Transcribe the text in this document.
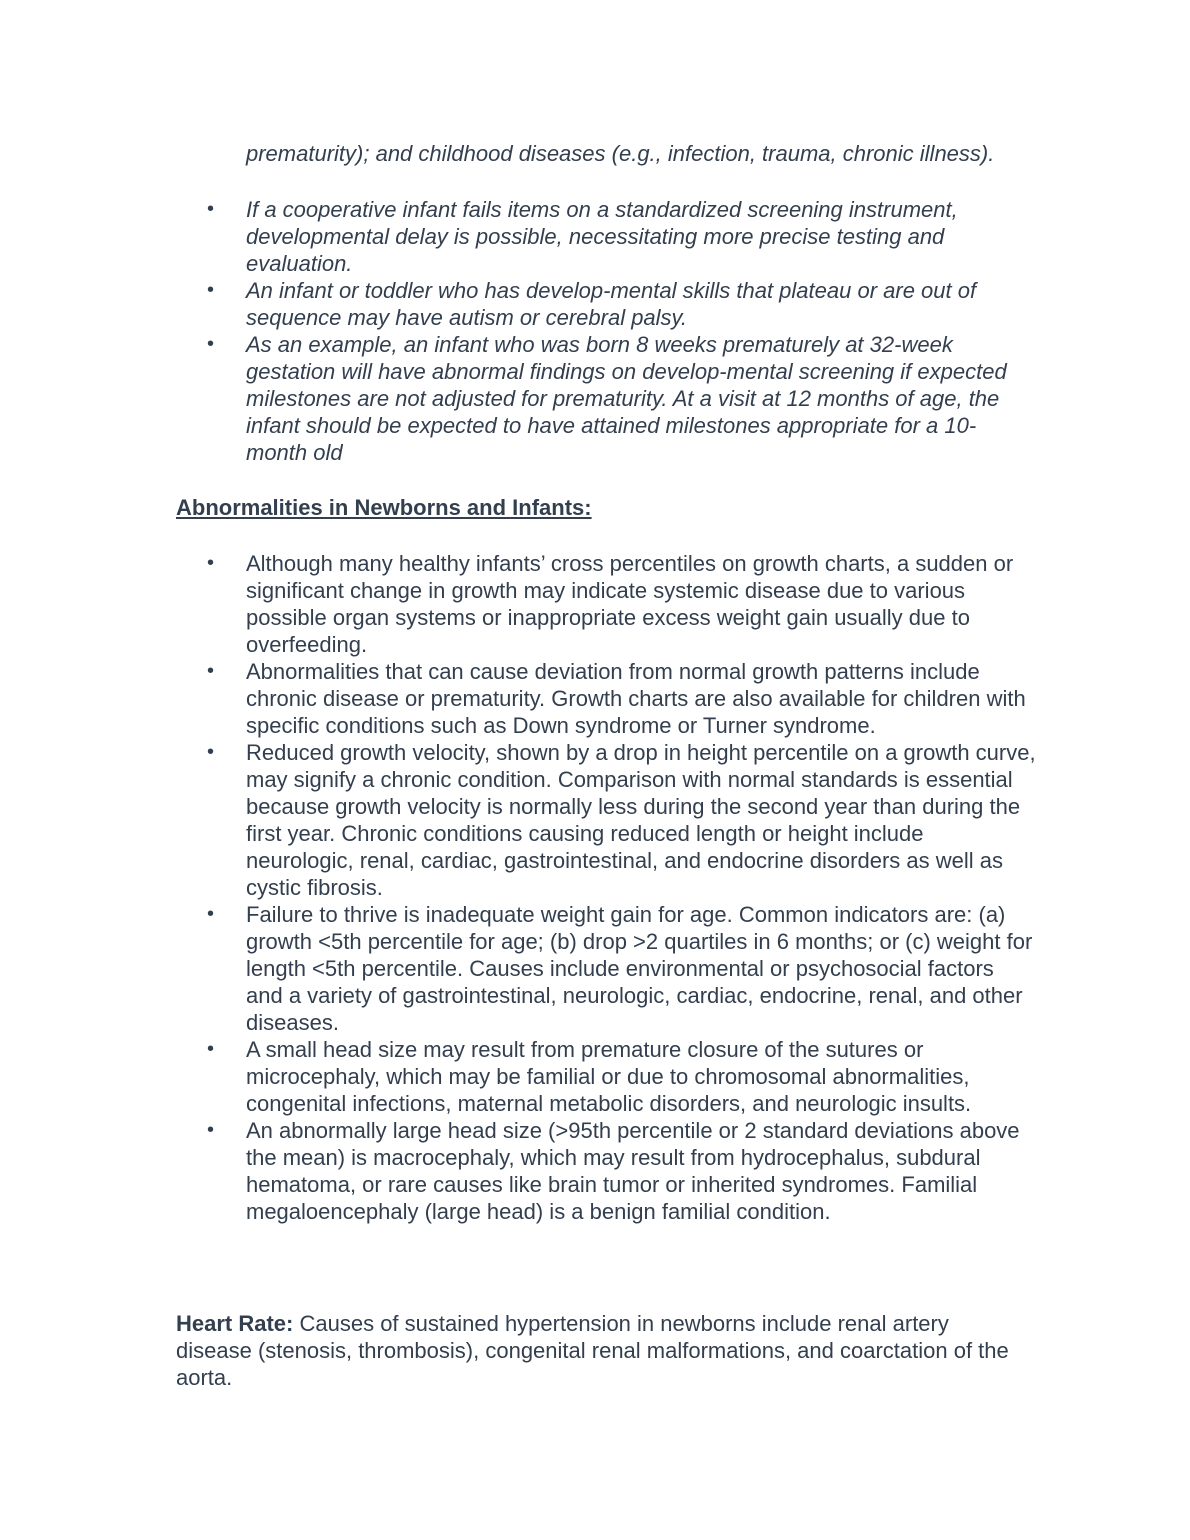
prematurity); and childhood diseases (e.g., infection, trauma, chronic illness).

• If a cooperative infant fails items on a standardized screening instrument, developmental delay is possible, necessitating more precise testing and evaluation.
• An infant or toddler who has develop-mental skills that plateau or are out of sequence may have autism or cerebral palsy.
• As an example, an infant who was born 8 weeks prematurely at 32-week gestation will have abnormal findings on develop-mental screening if expected milestones are not adjusted for prematurity. At a visit at 12 months of age, the infant should be expected to have attained milestones appropriate for a 10-month old
Abnormalities in Newborns and Infants:
• Although many healthy infants’ cross percentiles on growth charts, a sudden or significant change in growth may indicate systemic disease due to various possible organ systems or inappropriate excess weight gain usually due to overfeeding.
• Abnormalities that can cause deviation from normal growth patterns include chronic disease or prematurity. Growth charts are also available for children with specific conditions such as Down syndrome or Turner syndrome.
• Reduced growth velocity, shown by a drop in height percentile on a growth curve, may signify a chronic condition. Comparison with normal standards is essential because growth velocity is normally less during the second year than during the first year. Chronic conditions causing reduced length or height include neurologic, renal, cardiac, gastrointestinal, and endocrine disorders as well as cystic fibrosis.
• Failure to thrive is inadequate weight gain for age. Common indicators are: (a) growth <5th percentile for age; (b) drop >2 quartiles in 6 months; or (c) weight for length <5th percentile. Causes include environmental or psychosocial factors and a variety of gastrointestinal, neurologic, cardiac, endocrine, renal, and other diseases.
• A small head size may result from premature closure of the sutures or microcephaly, which may be familial or due to chromosomal abnormalities, congenital infections, maternal metabolic disorders, and neurologic insults.
• An abnormally large head size (>95th percentile or 2 standard deviations above the mean) is macrocephaly, which may result from hydrocephalus, subdural hematoma, or rare causes like brain tumor or inherited syndromes. Familial megaloencephaly (large head) is a benign familial condition.

Heart Rate: Causes of sustained hypertension in newborns include renal artery disease (stenosis, thrombosis), congenital renal malformations, and coarctation of the aorta.
